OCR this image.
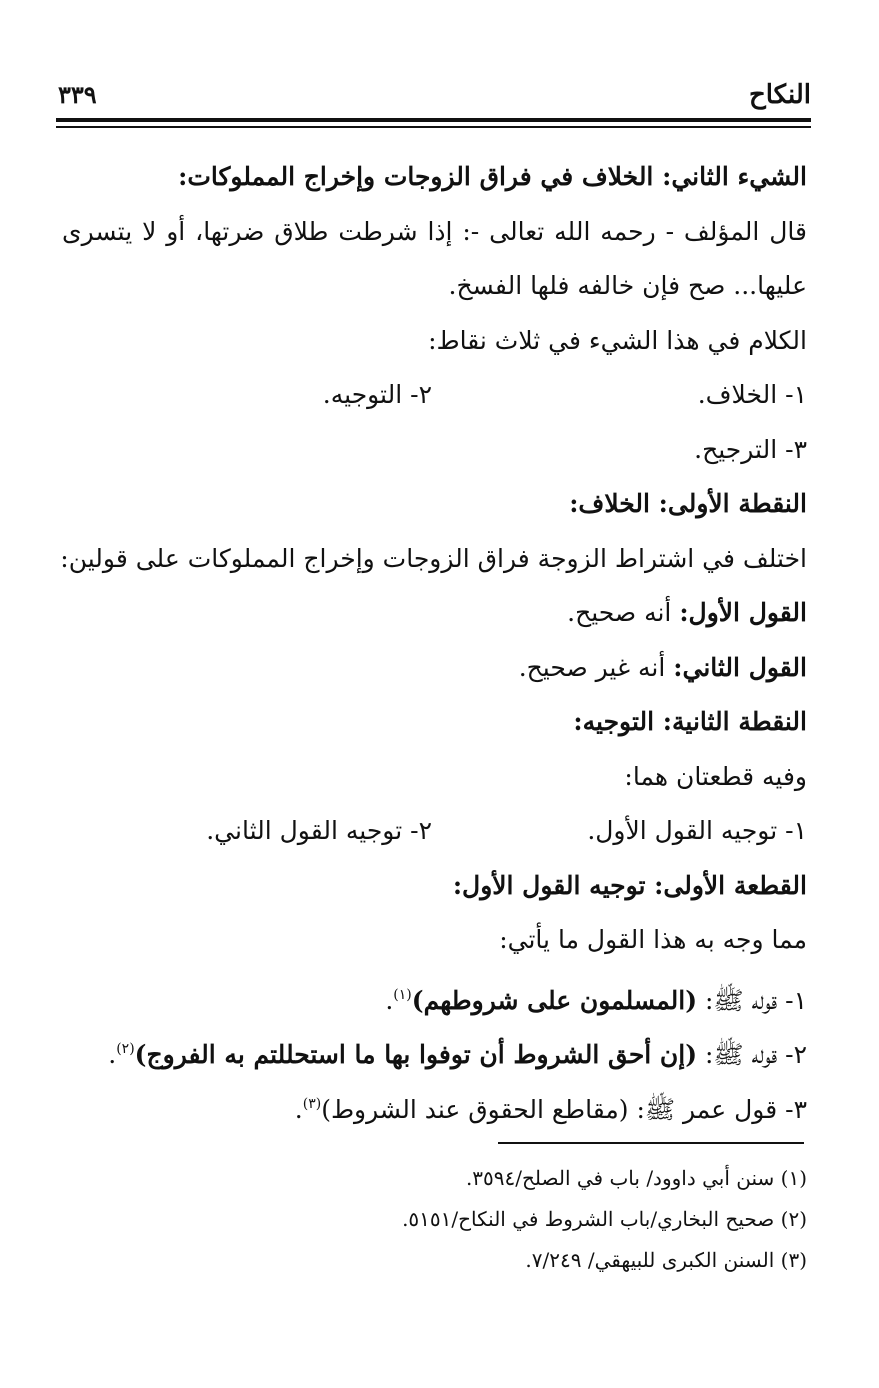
النكاح
٣٣٩
الشيء الثاني: الخلاف في فراق الزوجات وإخراج المملوكات:
قال المؤلف - رحمه الله تعالى -: إذا شرطت طلاق ضرتها، أو لا يتسرى
عليها... صح فإن خالفه فلها الفسخ.
الكلام في هذا الشيء في ثلاث نقاط:
١- الخلاف.٢- التوجيه.
٣- الترجيح.
النقطة الأولى: الخلاف:
اختلف في اشتراط الزوجة فراق الزوجات وإخراج المملوكات على قولين:
القول الأول: أنه صحيح.
القول الثاني: أنه غير صحيح.
النقطة الثانية: التوجيه:
وفيه قطعتان هما:
١- توجيه القول الأول.٢- توجيه القول الثاني.
القطعة الأولى: توجيه القول الأول:
مما وجه به هذا القول ما يأتي:
١- قوله ﷺ: (المسلمون على شروطهم)$^{(١)}$.
٢- قوله ﷺ: (إن أحق الشروط أن توفوا بها ما استحللتم به الفروج)$^{(٢)}$.
٣- قول عمر ﷺ: (مقاطع الحقوق عند الشروط)$^{(٣)}$.
(١) سنن أبي داوود/ باب في الصلح/٣٥٩٤.
(٢) صحيح البخاري/باب الشروط في النكاح/٥١٥١.
(٣) السنن الكبرى للبيهقي/ ٧/٢٤٩.
